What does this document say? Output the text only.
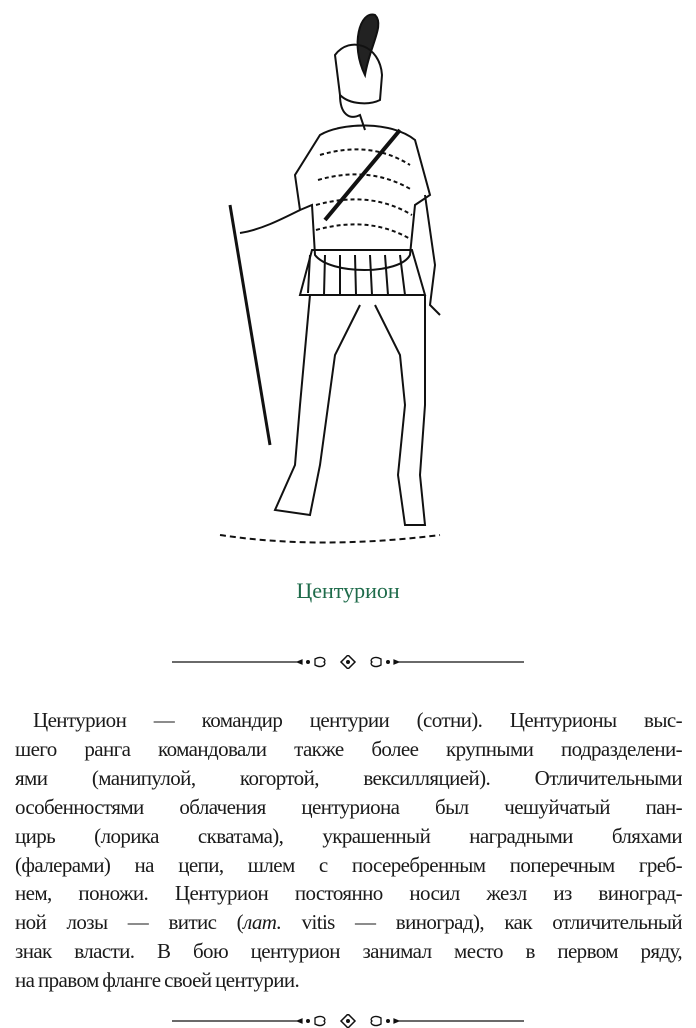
Центурион
Центурион — командир центурии (сотни). Центурионы выс-
шего ранга командовали также более крупными подразделени-
ями (манипулой, когортой, вексилляцией). Отличительными
особенностями облачения центуриона был чешуйчатый пан-
цирь (лорика скватама), украшенный наградными бляхами
(фалерами) на цепи, шлем с посеребренным поперечным греб-
нем, поножи. Центурион постоянно носил жезл из виноград-
ной лозы — витис (лат. vitis — виноград), как отличительный
знак власти. В бою центурион занимал место в первом ряду,
на правом фланге своей центурии.
